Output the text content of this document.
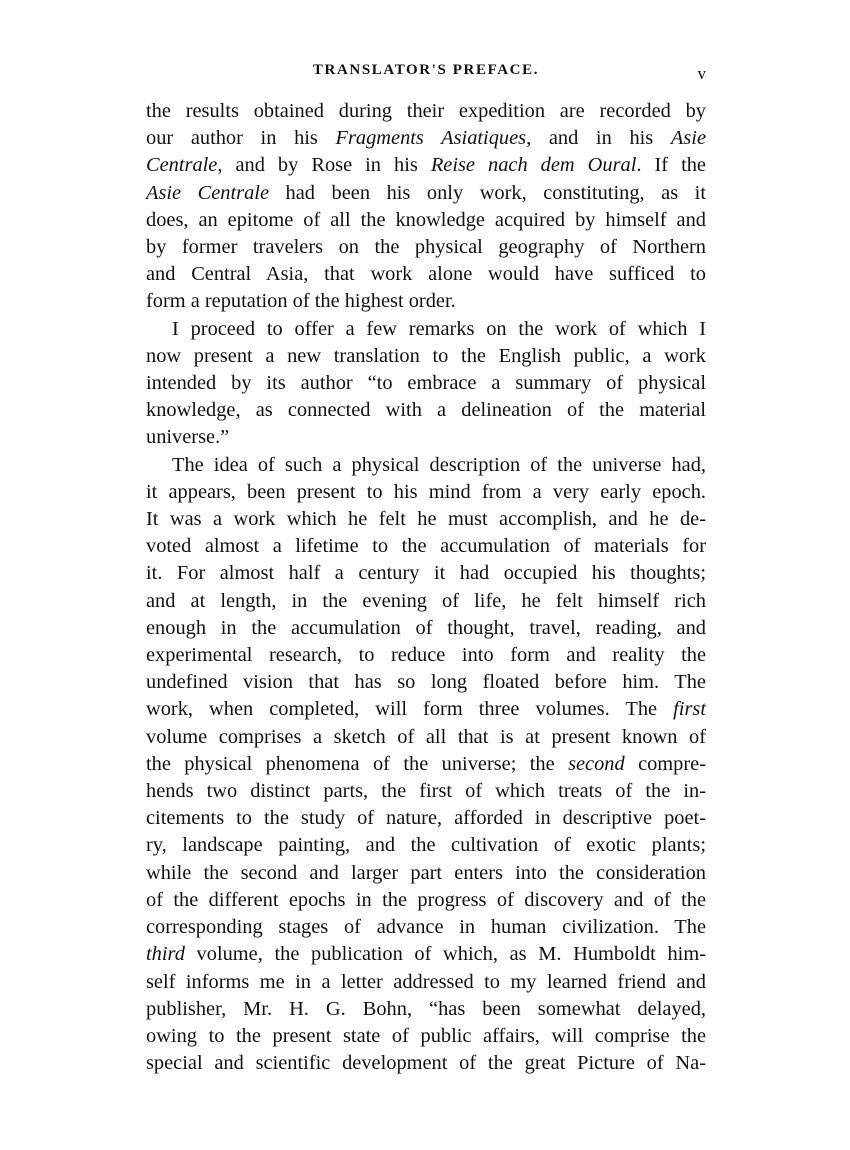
TRANSLATOR'S PREFACE.	v
the results obtained during their expedition are recorded by
our author in his Fragments Asiatiques, and in his Asie
Centrale, and by Rose in his Reise nach dem Oural. If the
Asie Centrale had been his only work, constituting, as it
does, an epitome of all the knowledge acquired by himself and
by former travelers on the physical geography of Northern
and Central Asia, that work alone would have sufficed to
form a reputation of the highest order.
I proceed to offer a few remarks on the work of which I
now present a new translation to the English public, a work
intended by its author “to embrace a summary of physical
knowledge, as connected with a delineation of the material
universe.”
The idea of such a physical description of the universe had,
it appears, been present to his mind from a very early epoch.
It was a work which he felt he must accomplish, and he de-
voted almost a lifetime to the accumulation of materials for
it. For almost half a century it had occupied his thoughts;
and at length, in the evening of life, he felt himself rich
enough in the accumulation of thought, travel, reading, and
experimental research, to reduce into form and reality the
undefined vision that has so long floated before him. The
work, when completed, will form three volumes. The first
volume comprises a sketch of all that is at present known of
the physical phenomena of the universe; the second compre-
hends two distinct parts, the first of which treats of the in-
citements to the study of nature, afforded in descriptive poet-
ry, landscape painting, and the cultivation of exotic plants;
while the second and larger part enters into the consideration
of the different epochs in the progress of discovery and of the
corresponding stages of advance in human civilization. The
third volume, the publication of which, as M. Humboldt him-
self informs me in a letter addressed to my learned friend and
publisher, Mr. H. G. Bohn, “has been somewhat delayed,
owing to the present state of public affairs, will comprise the
special and scientific development of the great Picture of Na-
